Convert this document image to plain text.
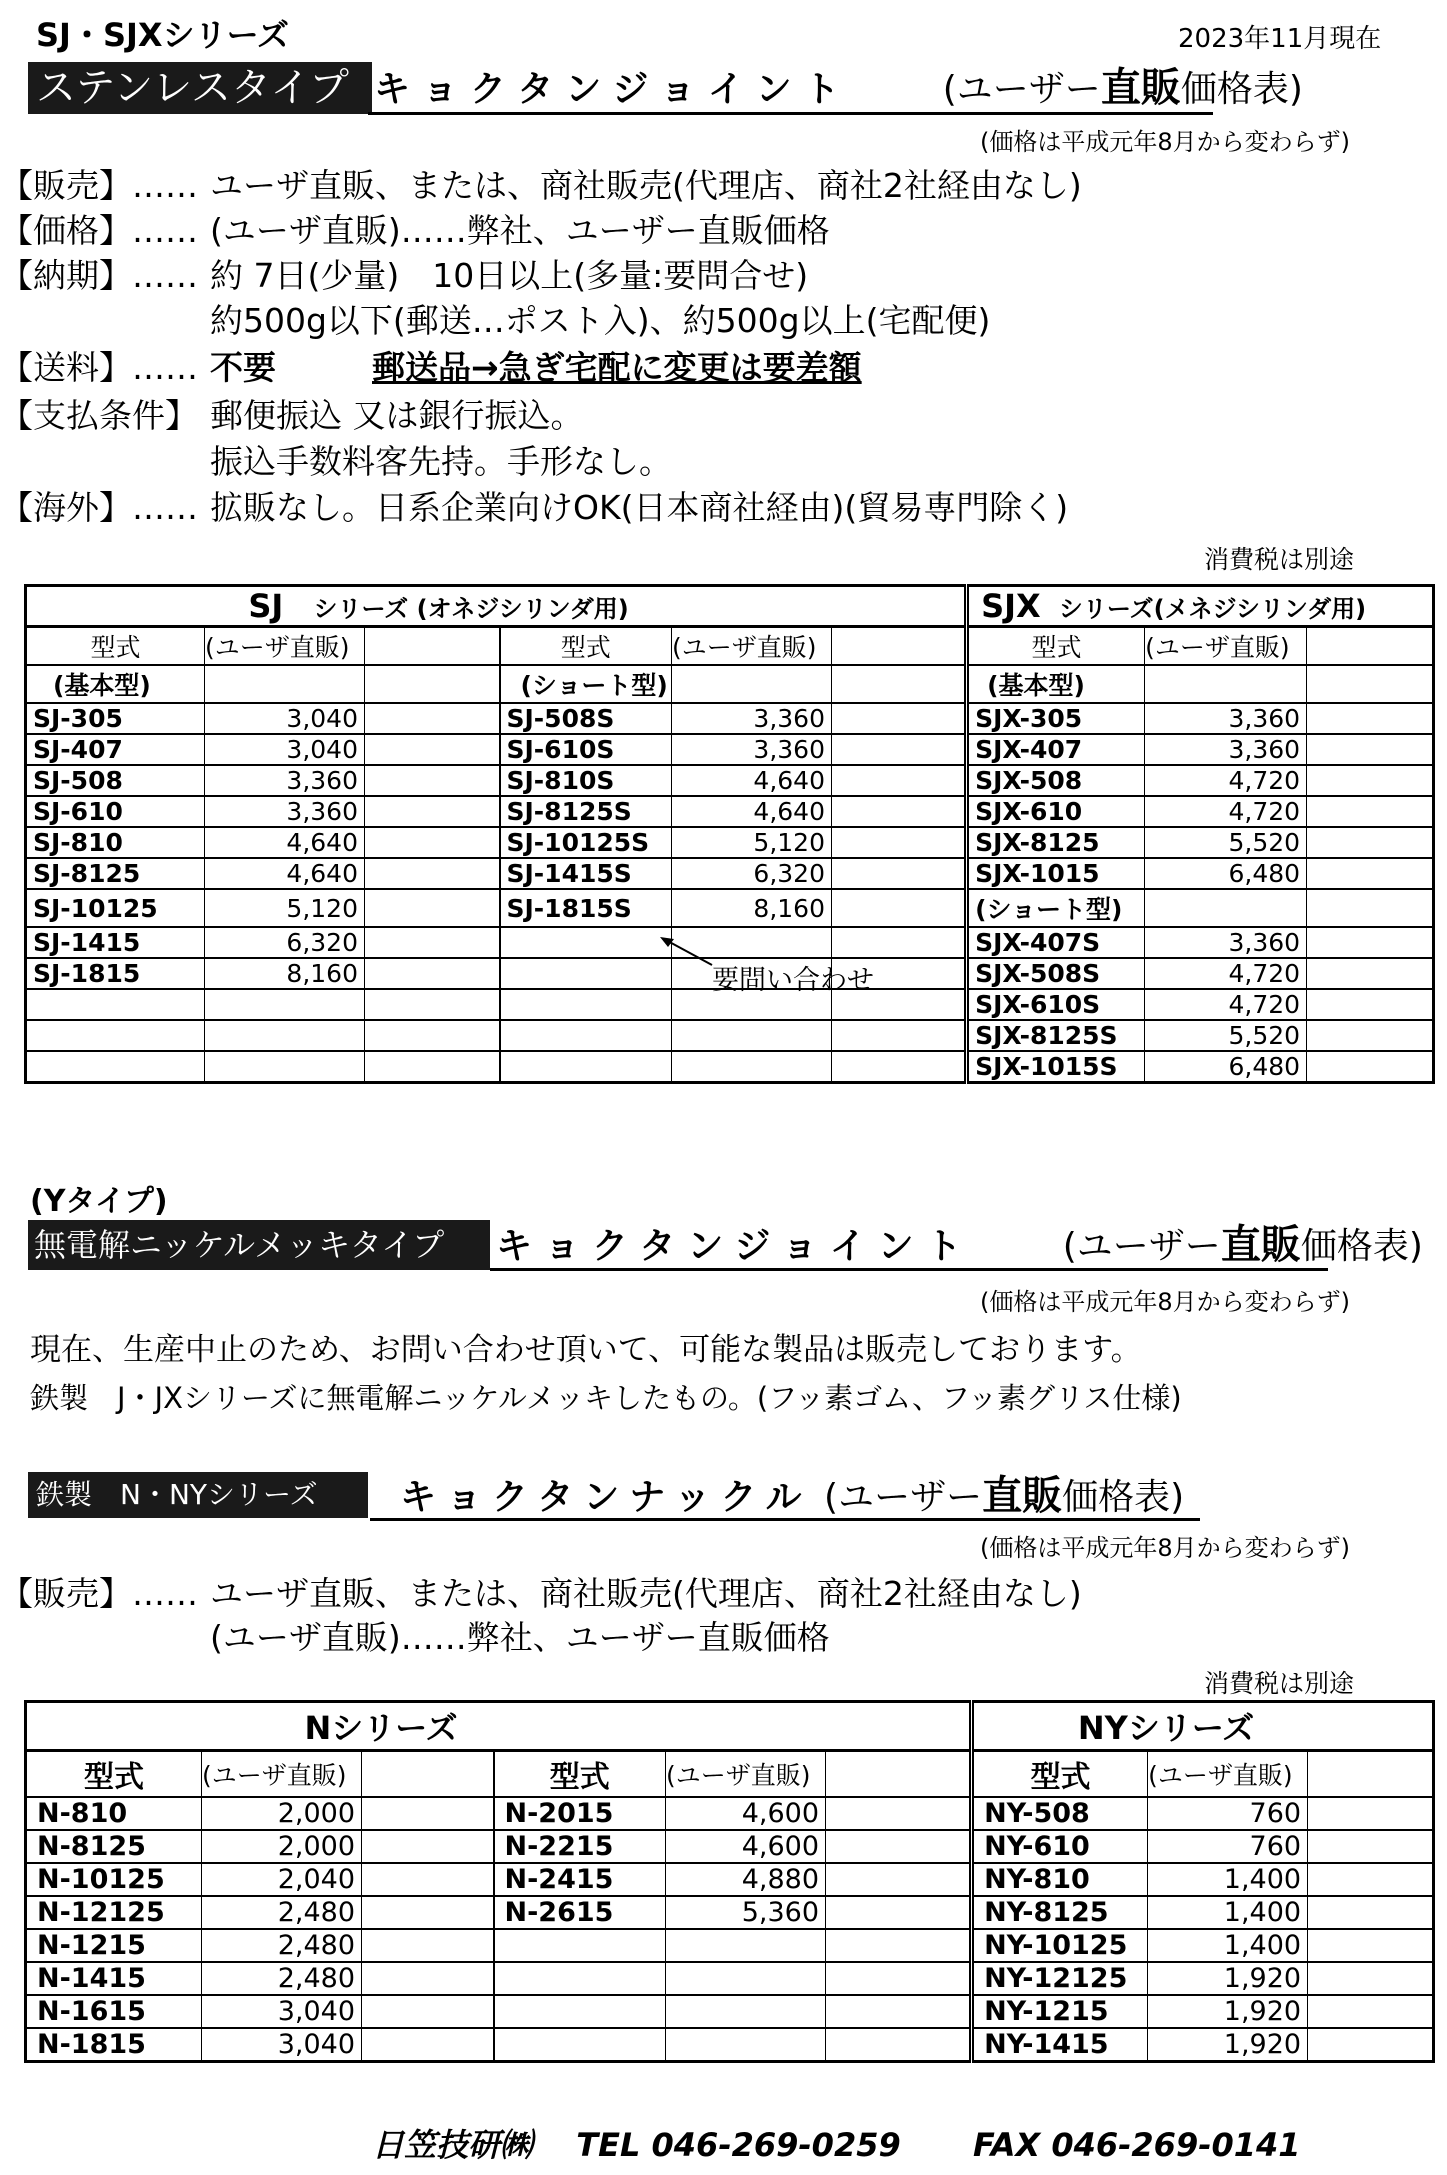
SJ・SJXシリーズ	2023年11月現在
ステンレスタイプ キョクタンジョイント	(ユーザー直販価格表)
(価格は平成元年8月から変わらず)
【販売】…… ユーザ直販、または、商社販売(代理店、商社2社経由なし)
【価格】…… (ユーザ直販)……弊社、ユーザー直販価格
【納期】…… 約 7日(少量)　10日以上(多量:要問合せ)
約500g以下(郵送…ポスト入)、約500g以上(宅配便)
【送料】…… 不要	郵送品→急ぎ宅配に変更は要差額
【支払条件】 郵便振込 又は銀行振込。
振込手数料客先持。手形なし。
【海外】…… 拡販なし。日系企業向けOK(日本商社経由)(貿易専門除く)
消費税は別途
SJ シリーズ (オネジシリンダ用)						SJX シリーズ(メネジシリンダ用)		
型式	(ユーザ直販)		型式	(ユーザ直販)		型式	(ユーザ直販)	
(基本型)			(ショート型)			(基本型)		
SJ-305	3,040		SJ-508S	3,360		SJX-305	3,360	
SJ-407	3,040		SJ-610S	3,360		SJX-407	3,360	
SJ-508	3,360		SJ-810S	4,640		SJX-508	4,720	
SJ-610	3,360		SJ-8125S	4,640		SJX-610	4,720	
SJ-810	4,640		SJ-10125S	5,120		SJX-8125	5,520	
SJ-8125	4,640		SJ-1415S	6,320		SJX-1015	6,480	
SJ-10125	5,120		SJ-1815S	8,160		(ショート型)		
SJ-1415	6,320					SJX-407S	3,360	
SJ-1815	8,160					SJX-508S	4,720	
						SJX-610S	4,720	
						SJX-8125S	5,520	
						SJX-1015S	6,480	
要問い合わせ
(Yタイプ)
無電解ニッケルメッキタイプ	キョクタンジョイント (ユーザー直販価格表)
(価格は平成元年8月から変わらず)
現在、生産中止のため、お問い合わせ頂いて、可能な製品は販売しております。
鉄製　J・JXシリーズに無電解ニッケルメッキしたもの。(フッ素ゴム、フッ素グリス仕様)
鉄製　N・NYシリーズ	キョクタンナックル (ユーザー直販価格表)
(価格は平成元年8月から変わらず)
【販売】…… ユーザ直販、または、商社販売(代理店、商社2社経由なし)
(ユーザ直販)……弊社、ユーザー直販価格
消費税は別途
Nシリーズ						NYシリーズ		
型式	(ユーザ直販)		型式	(ユーザ直販)		型式	(ユーザ直販)	
N-810	2,000		N-2015	4,600		NY-508	760	
N-8125	2,000		N-2215	4,600		NY-610	760	
N-10125	2,040		N-2415	4,880		NY-810	1,400	
N-12125	2,480		N-2615	5,360		NY-8125	1,400	
N-1215	2,480					NY-10125	1,400	
N-1415	2,480					NY-12125	1,920	
N-1615	3,040					NY-1215	1,920	
N-1815	3,040					NY-1415	1,920	
日笠技研㈱ TEL 046-269-0259 FAX 046-269-0141
